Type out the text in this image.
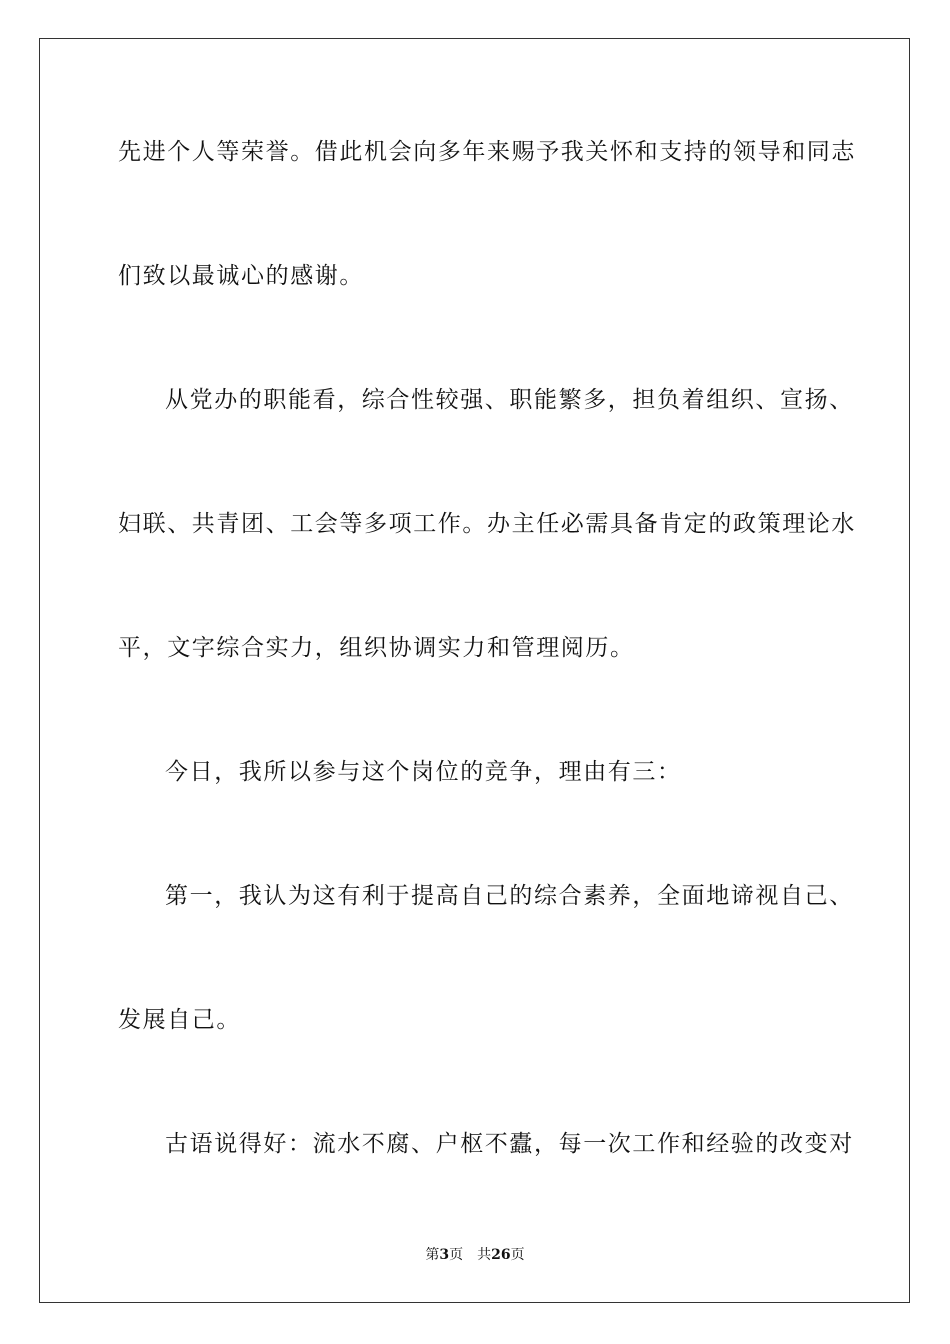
先进个人等荣誉。借此机会向多年来赐予我关怀和支持的领导和同志
们致以最诚心的感谢。
从党办的职能看，综合性较强、职能繁多，担负着组织、宣扬、
妇联、共青团、工会等多项工作。办主任必需具备肯定的政策理论水
平，文字综合实力，组织协调实力和管理阅历。
今日，我所以参与这个岗位的竞争，理由有三：
第一，我认为这有利于提高自己的综合素养，全面地谛视自己、
发展自己。
古语说得好：流水不腐、户枢不蠹，每一次工作和经验的改变对
第3页 共26页
